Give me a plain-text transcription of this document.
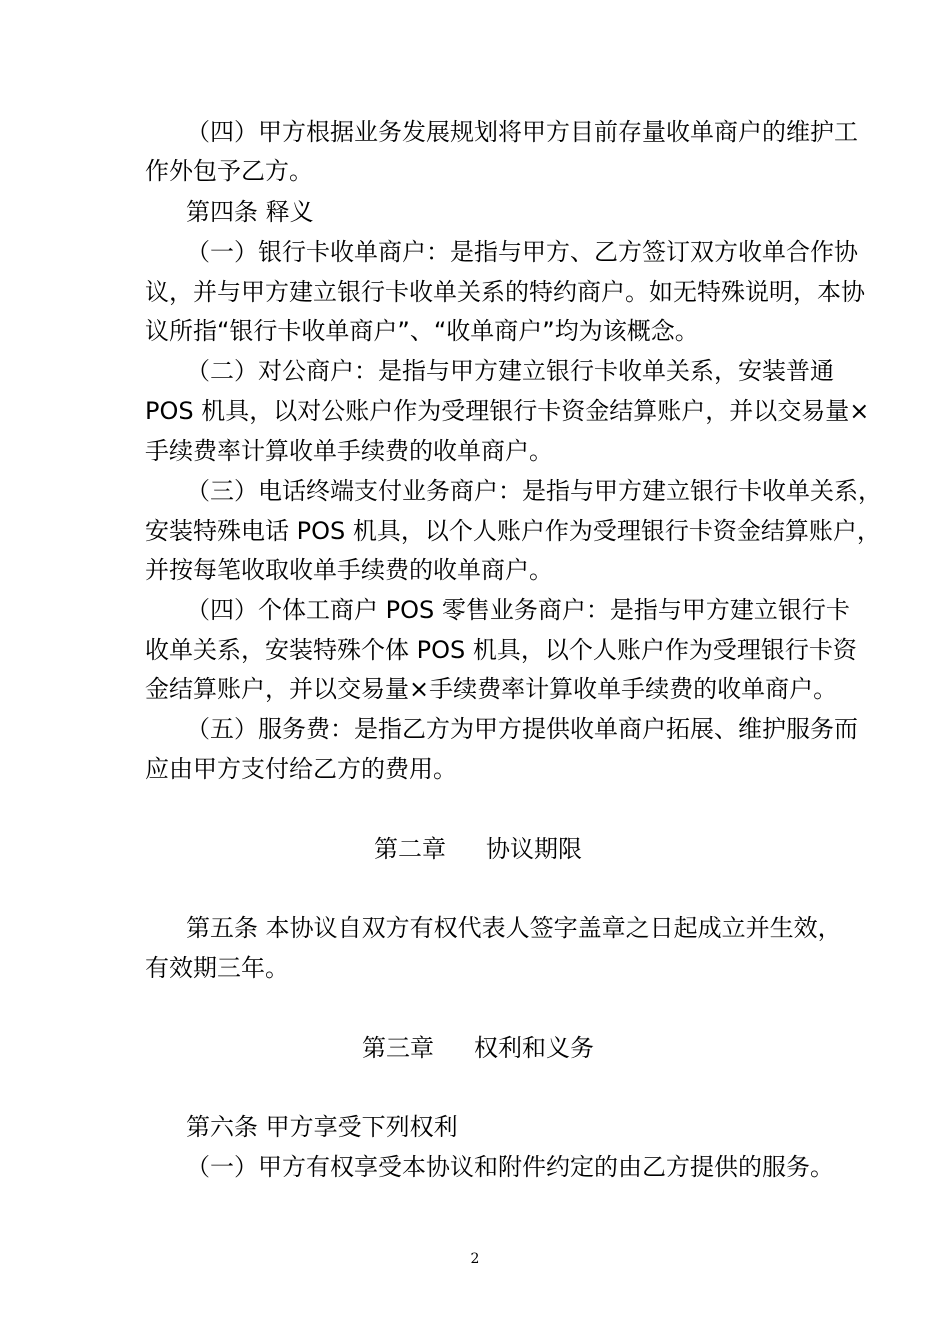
（四）甲方根据业务发展规划将甲方目前存量收单商户的维护工
作外包予乙方。
第四条 释义
（一）银行卡收单商户：是指与甲方、乙方签订双方收单合作协
议，并与甲方建立银行卡收单关系的特约商户。如无特殊说明，本协
议所指“银行卡收单商户”、“收单商户”均为该概念。
（二）对公商户：是指与甲方建立银行卡收单关系，安装普通
POS 机具，以对公账户作为受理银行卡资金结算账户，并以交易量×
手续费率计算收单手续费的收单商户。
（三）电话终端支付业务商户：是指与甲方建立银行卡收单关系，
安装特殊电话 POS 机具，以个人账户作为受理银行卡资金结算账户，
并按每笔收取收单手续费的收单商户。
（四）个体工商户 POS 零售业务商户：是指与甲方建立银行卡
收单关系，安装特殊个体 POS 机具，以个人账户作为受理银行卡资
金结算账户，并以交易量×手续费率计算收单手续费的收单商户。
（五）服务费：是指乙方为甲方提供收单商户拓展、维护服务而
应由甲方支付给乙方的费用。
第二章 协议期限
第五条 本协议自双方有权代表人签字盖章之日起成立并生效，
有效期三年。
第三章 权利和义务
第六条 甲方享受下列权利
（一）甲方有权享受本协议和附件约定的由乙方提供的服务。
2
